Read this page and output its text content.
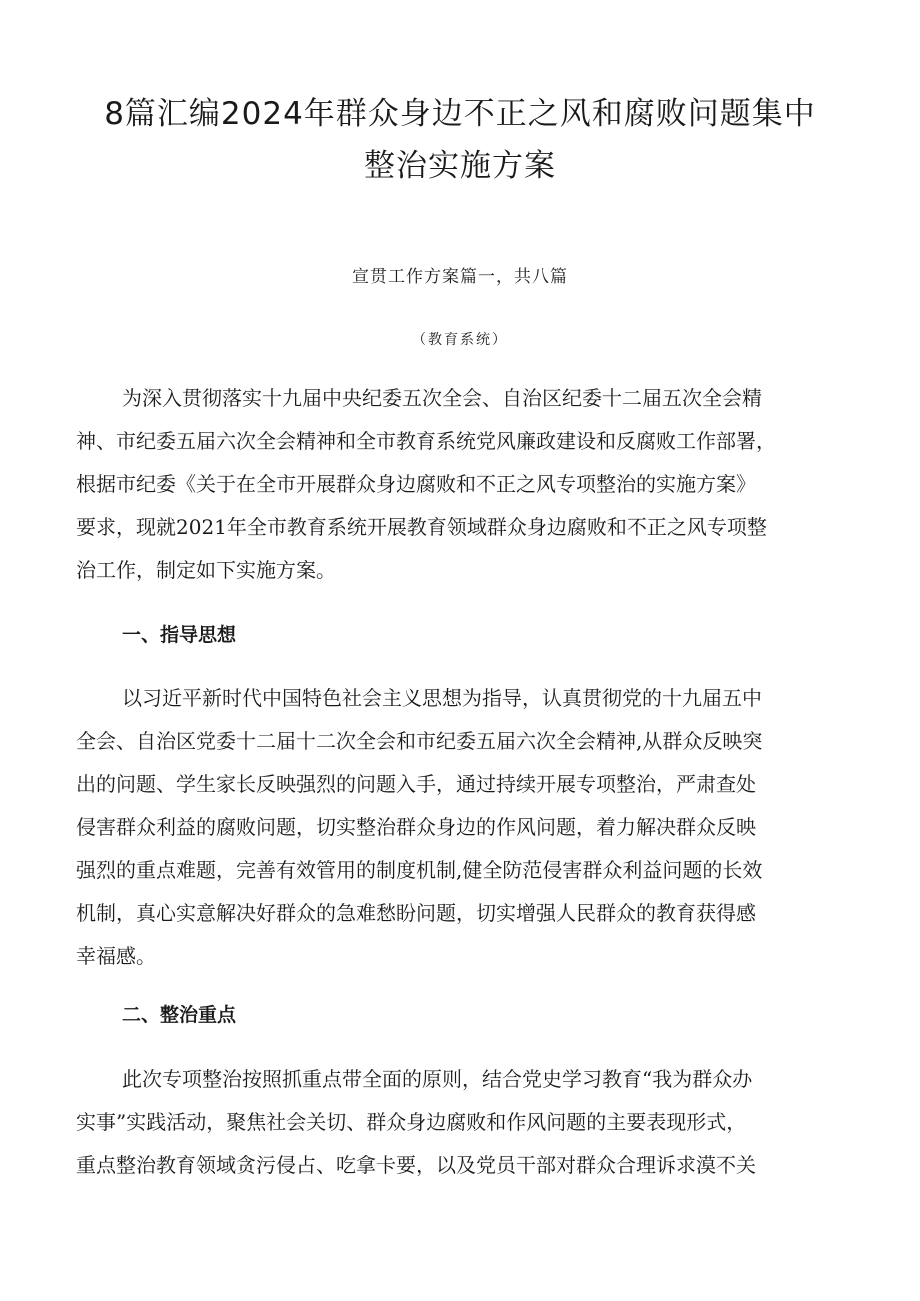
8篇汇编2024年群众身边不正之风和腐败问题集中
整治实施方案
宣贯工作方案篇一，共八篇
（教育系统）
为深入贯彻落实十九届中央纪委五次全会、自治区纪委十二届五次全会精
神、市纪委五届六次全会精神和全市教育系统党风廉政建设和反腐败工作部署，
根据市纪委《关于在全市开展群众身边腐败和不正之风专项整治的实施方案》
要求，现就2021年全市教育系统开展教育领域群众身边腐败和不正之风专项整
治工作，制定如下实施方案。
一、指导思想
以习近平新时代中国特色社会主义思想为指导，认真贯彻党的十九届五中
全会、自治区党委十二届十二次全会和市纪委五届六次全会精神,从群众反映突
出的问题、学生家长反映强烈的问题入手，通过持续开展专项整治，严肃查处
侵害群众利益的腐败问题，切实整治群众身边的作风问题，着力解决群众反映
强烈的重点难题，完善有效管用的制度机制,健全防范侵害群众利益问题的长效
机制，真心实意解决好群众的急难愁盼问题，切实增强人民群众的教育获得感
幸福感。
二、整治重点
此次专项整治按照抓重点带全面的原则，结合党史学习教育“我为群众办
实事”实践活动，聚焦社会关切、群众身边腐败和作风问题的主要表现形式，
重点整治教育领域贪污侵占、吃拿卡要，以及党员干部对群众合理诉求漠不关
